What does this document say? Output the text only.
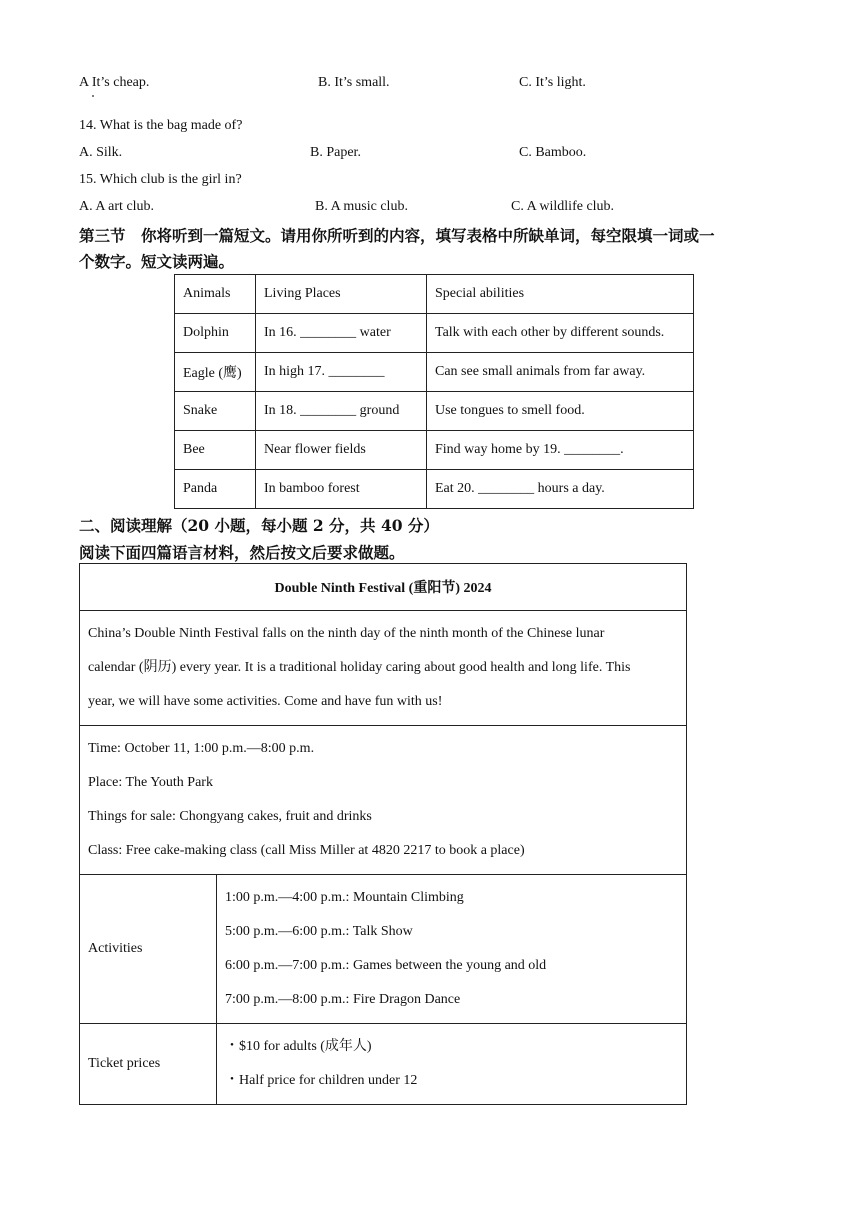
A It’s cheap.	B. It’s small.	C. It’s light.
14. What is the bag made of?
A. Silk.	B. Paper.	C. Bamboo.
15. Which club is the girl in?
A. A art club.	B. A music club.	C. A wildlife club.
第三节　你将听到一篇短文。请用你所听到的内容，填写表格中所缺单词，每空限填一词或一
个数字。短文读两遍。
Animals	Living Places	Special abilities
Dolphin	In 16. ________ water	Talk with each other by different sounds.
Eagle (鹰)	In high 17. ________	Can see small animals from far away.
Snake	In 18. ________ ground	Use tongues to smell food.
Bee	Near flower fields	Find way home by 19. ________.
Panda	In bamboo forest	Eat 20. ________ hours a day.
二、阅读理解（20 小题，每小题 2 分，共 40 分）
阅读下面四篇语言材料，然后按文后要求做题。
Double Ninth Festival (重阳节) 2024	

China’s Double Ninth Festival falls on the ninth day of the ninth month of the Chinese lunar
calendar (阴历) every year. It is a traditional holiday caring about good health and long life. This
year, we will have some activities. Come and have fun with us!	

Time: October 11, 1:00 p.m.—8:00 p.m.
Place: The Youth Park
Things for sale: Chongyang cakes, fruit and drinks
Class: Free cake-making class (call Miss Miller at 4820 2217 to book a place)	

Activities	1:00 p.m.—4:00 p.m.: Mountain Climbing
5:00 p.m.—6:00 p.m.: Talk Show
6:00 p.m.—7:00 p.m.: Games between the young and old
7:00 p.m.—8:00 p.m.: Fire Dragon Dance

Ticket prices	・$10 for adults (成年人)
・Half price for children under 12
